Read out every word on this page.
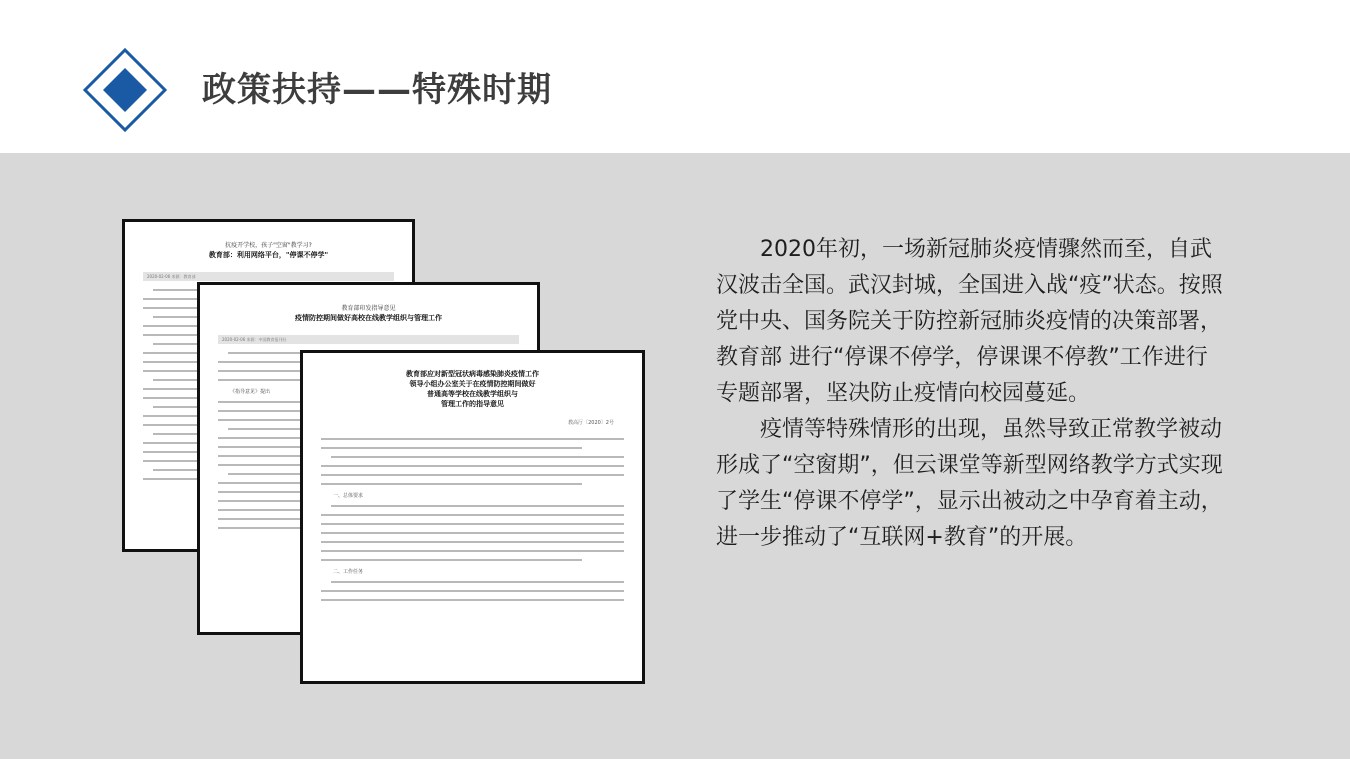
政策扶持——特殊时期
抗疫开学校，孩子"空窗"教学习?
教育部：利用网络平台，"停课不停学"
2020-02-06 来源：教育部
教育部印发指导意见
疫情防控期间做好高校在线教学组织与管理工作
2020-02-06 来源：中国教育报刊社
《指导意见》提出
教育部应对新型冠状病毒感染肺炎疫情工作
领导小组办公室关于在疫情防控期间做好
普通高等学校在线教学组织与
管理工作的指导意见
教高厅〔2020〕2号
一、总体要求
二、工作任务

2020年初，一场新冠肺炎疫情骤然而至，自武汉波击全国。武汉封城，全国进入战“疫”状态。按照党中央、国务院关于防控新冠肺炎疫情的决策部署，教育部 进行“停课不停学，停课课不停教”工作进行专题部署，坚决防止疫情向校园蔓延。

疫情等特殊情形的出现，虽然导致正常教学被动形成了“空窗期”，但云课堂等新型网络教学方式实现了学生“停课不停学”，显示出被动之中孕育着主动，进一步推动了“互联网+教育”的开展。
